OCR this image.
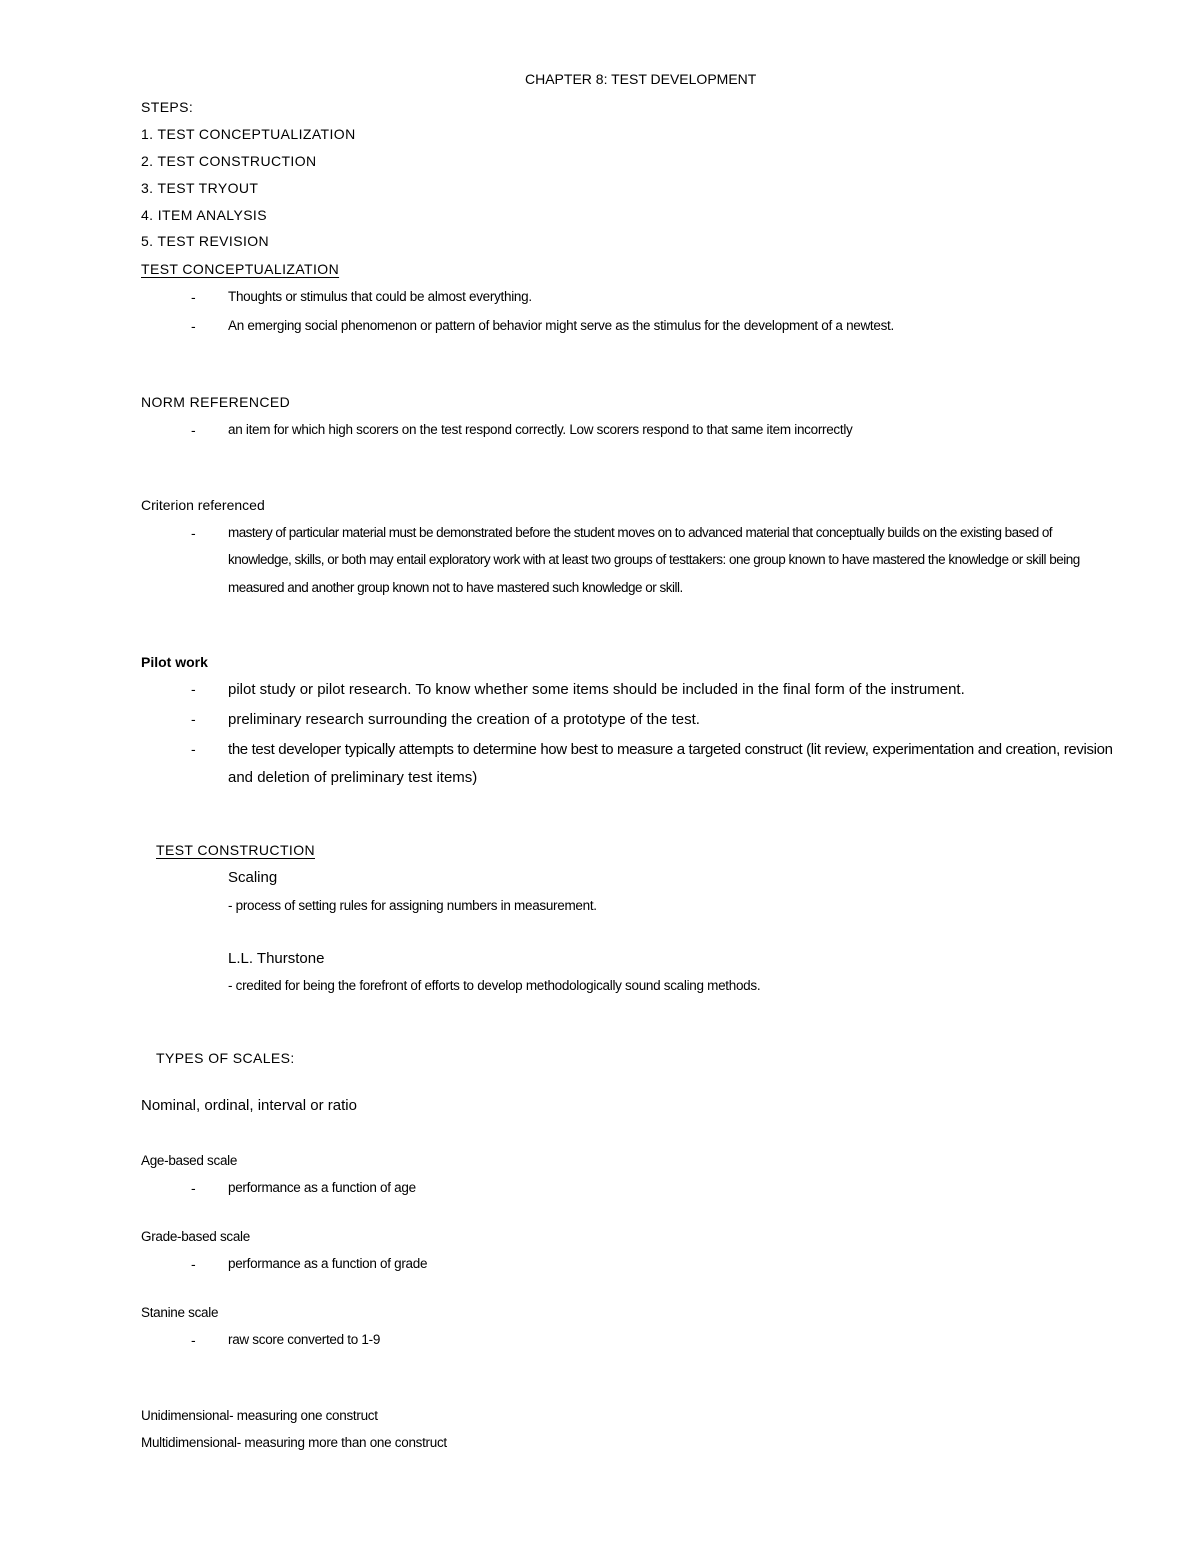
CHAPTER 8: TEST DEVELOPMENT
STEPS:
1. TEST CONCEPTUALIZATION
2. TEST CONSTRUCTION
3. TEST TRYOUT
4. ITEM ANALYSIS
5. TEST REVISION
TEST CONCEPTUALIZATION
- Thoughts or stimulus that could be almost everything.
- An emerging social phenomenon or pattern of behavior might serve as the stimulus for the development of a newtest.
NORM REFERENCED
- an item for which high scorers on the test respond correctly. Low scorers respond to that same item incorrectly
Criterion referenced
- mastery of particular material must be demonstrated before the student moves on to advanced material that conceptually builds on the existing based of
knowledge, skills, or both may entail exploratory work with at least two groups of testtakers: one group known to have mastered the knowledge or skill being
measured and another group known not to have mastered such knowledge or skill.
Pilot work
- pilot study or pilot research. To know whether some items should be included in the final form of the instrument.
- preliminary research surrounding the creation of a prototype of the test.
- the test developer typically attempts to determine how best to measure a targeted construct (lit review, experimentation and creation, revision
and deletion of preliminary test items)
TEST CONSTRUCTION
Scaling
- process of setting rules for assigning numbers in measurement.
L.L. Thurstone
- credited for being the forefront of efforts to develop methodologically sound scaling methods.
TYPES OF SCALES:
Nominal, ordinal, interval or ratio
Age-based scale
- performance as a function of age
Grade-based scale
- performance as a function of grade
Stanine scale
- raw score converted to 1-9
Unidimensional- measuring one construct
Multidimensional- measuring more than one construct
